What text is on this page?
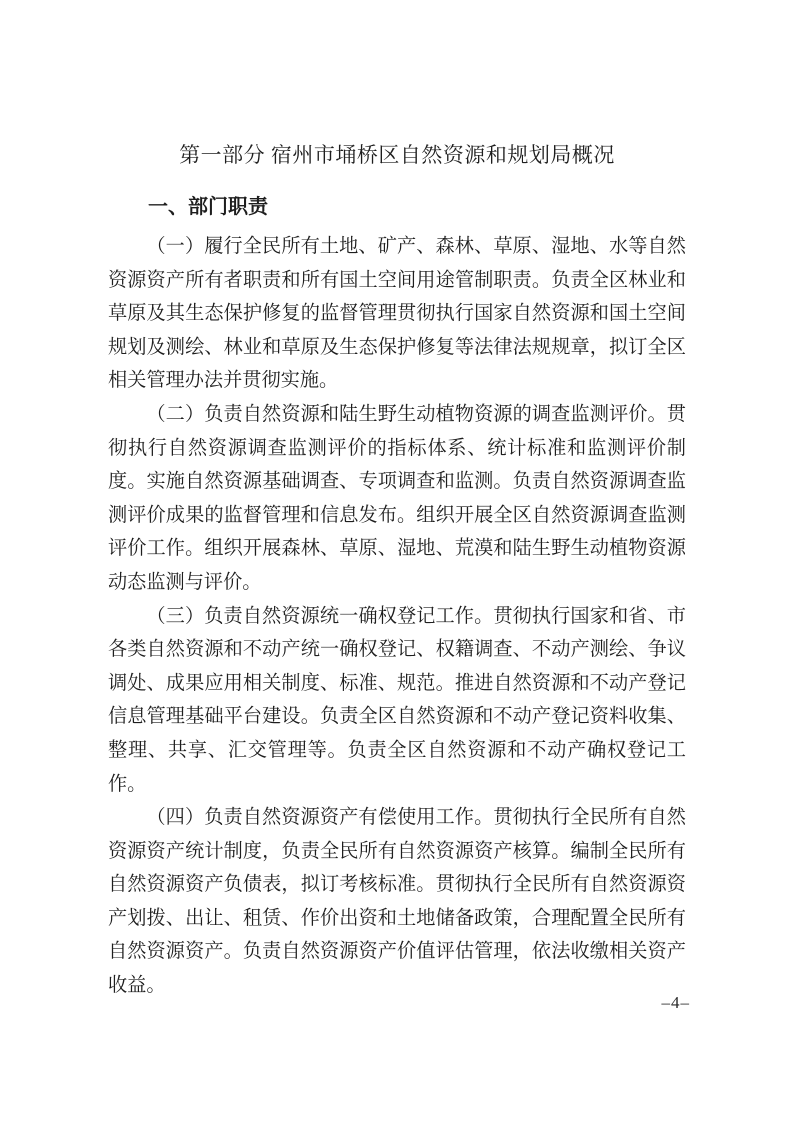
第一部分 宿州市埇桥区自然资源和规划局概况
一、部门职责

（一）履行全民所有土地、矿产、森林、草原、湿地、水等自然资源资产所有者职责和所有国土空间用途管制职责。负责全区林业和草原及其生态保护修复的监督管理贯彻执行国家自然资源和国土空间规划及测绘、林业和草原及生态保护修复等法律法规规章，拟订全区相关管理办法并贯彻实施。

（二）负责自然资源和陆生野生动植物资源的调查监测评价。贯彻执行自然资源调查监测评价的指标体系、统计标准和监测评价制度。实施自然资源基础调查、专项调查和监测。负责自然资源调查监测评价成果的监督管理和信息发布。组织开展全区自然资源调查监测评价工作。组织开展森林、草原、湿地、荒漠和陆生野生动植物资源动态监测与评价。

（三）负责自然资源统一确权登记工作。贯彻执行国家和省、市各类自然资源和不动产统一确权登记、权籍调查、不动产测绘、争议调处、成果应用相关制度、标准、规范。推进自然资源和不动产登记信息管理基础平台建设。负责全区自然资源和不动产登记资料收集、整理、共享、汇交管理等。负责全区自然资源和不动产确权登记工作。

（四）负责自然资源资产有偿使用工作。贯彻执行全民所有自然资源资产统计制度，负责全民所有自然资源资产核算。编制全民所有自然资源资产负债表，拟订考核标准。贯彻执行全民所有自然资源资产划拨、出让、租赁、作价出资和土地储备政策，合理配置全民所有自然资源资产。负责自然资源资产价值评估管理，依法收缴相关资产收益。

–4–
